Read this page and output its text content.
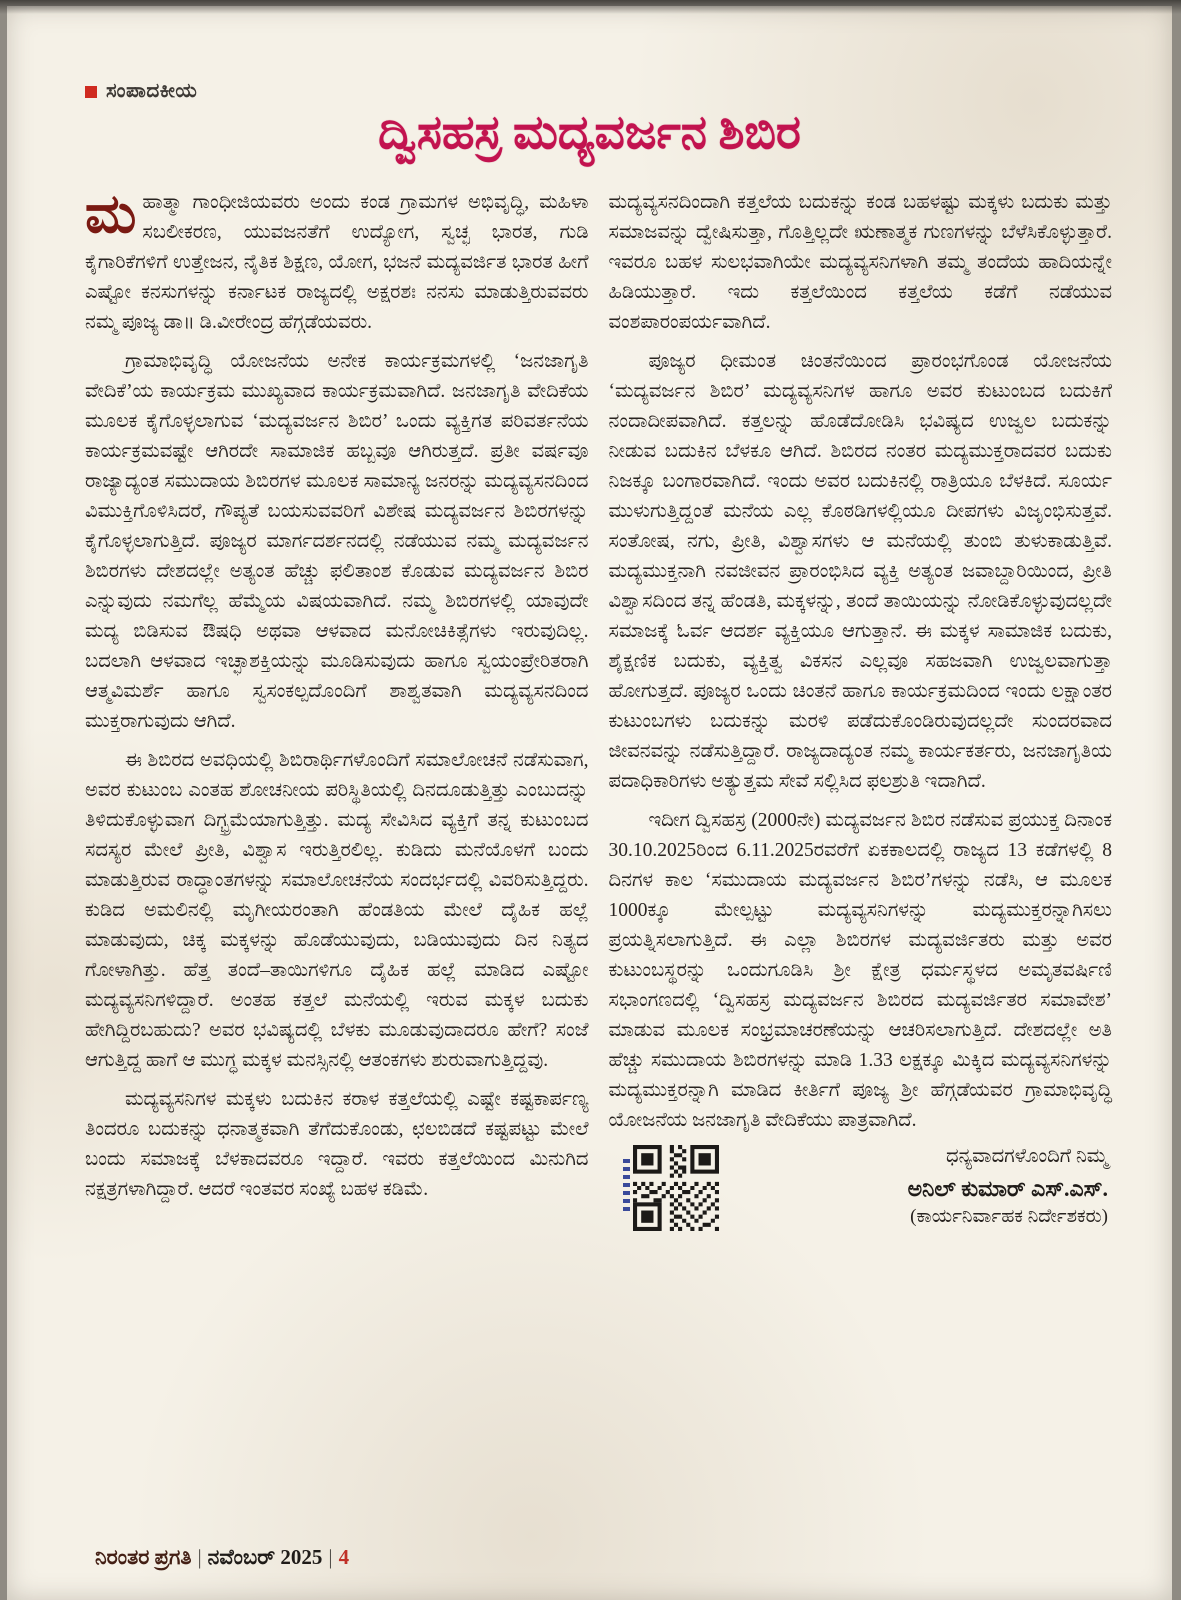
ಸಂಪಾದಕೀಯ
ದ್ವಿಸಹಸ್ರ ಮದ್ಯವರ್ಜನ ಶಿಬಿರ

ಮಹಾತ್ಮಾ ಗಾಂಧೀಜಿಯವರು ಅಂದು ಕಂಡ ಗ್ರಾಮಗಳ ಅಭಿವೃದ್ಧಿ, ಮಹಿಳಾ ಸಬಲೀಕರಣ, ಯುವಜನತೆಗೆ ಉದ್ಯೋಗ, ಸ್ವಚ್ಛ ಭಾರತ, ಗುಡಿ ಕೈಗಾರಿಕೆಗಳಿಗೆ ಉತ್ತೇಜನ, ನೈತಿಕ ಶಿಕ್ಷಣ, ಯೋಗ, ಭಜನೆ ಮದ್ಯವರ್ಜಿತ ಭಾರತ ಹೀಗೆ ಎಷ್ಟೋ ಕನಸುಗಳನ್ನು ಕರ್ನಾಟಕ ರಾಜ್ಯದಲ್ಲಿ ಅಕ್ಷರಶಃ ನನಸು ಮಾಡುತ್ತಿರುವವರು ನಮ್ಮ ಪೂಜ್ಯ ಡಾ॥ ಡಿ.ವೀರೇಂದ್ರ ಹೆಗ್ಗಡೆಯವರು.

ಗ್ರಾಮಾಭಿವೃದ್ಧಿ ಯೋಜನೆಯ ಅನೇಕ ಕಾರ್ಯಕ್ರಮಗಳಲ್ಲಿ ‘ಜನಜಾಗೃತಿ ವೇದಿಕೆ’ಯ ಕಾರ್ಯಕ್ರಮ ಮುಖ್ಯವಾದ ಕಾರ್ಯಕ್ರಮವಾಗಿದೆ. ಜನಜಾಗೃತಿ ವೇದಿಕೆಯ ಮೂಲಕ ಕೈಗೊಳ್ಳಲಾಗುವ ‘ಮದ್ಯವರ್ಜನ ಶಿಬಿರ’ ಒಂದು ವ್ಯಕ್ತಿಗತ ಪರಿವರ್ತನೆಯ ಕಾರ್ಯಕ್ರಮವಷ್ಟೇ ಆಗಿರದೇ ಸಾಮಾಜಿಕ ಹಬ್ಬವೂ ಆಗಿರುತ್ತದೆ. ಪ್ರತೀ ವರ್ಷವೂ ರಾಜ್ಯಾದ್ಯಂತ ಸಮುದಾಯ ಶಿಬಿರಗಳ ಮೂಲಕ ಸಾಮಾನ್ಯ ಜನರನ್ನು ಮದ್ಯವ್ಯಸನದಿಂದ ವಿಮುಕ್ತಿಗೊಳಿಸಿದರೆ, ಗೌಪ್ಯತೆ ಬಯಸುವವರಿಗೆ ವಿಶೇಷ ಮದ್ಯವರ್ಜನ ಶಿಬಿರಗಳನ್ನು ಕೈಗೊಳ್ಳಲಾಗುತ್ತಿದೆ. ಪೂಜ್ಯರ ಮಾರ್ಗದರ್ಶನದಲ್ಲಿ ನಡೆಯುವ ನಮ್ಮ ಮದ್ಯವರ್ಜನ ಶಿಬಿರಗಳು ದೇಶದಲ್ಲೇ ಅತ್ಯಂತ ಹೆಚ್ಚು ಫಲಿತಾಂಶ ಕೊಡುವ ಮದ್ಯವರ್ಜನ ಶಿಬಿರ ಎನ್ನುವುದು ನಮಗೆಲ್ಲ ಹೆಮ್ಮೆಯ ವಿಷಯವಾಗಿದೆ. ನಮ್ಮ ಶಿಬಿರಗಳಲ್ಲಿ ಯಾವುದೇ ಮದ್ಯ ಬಿಡಿಸುವ ಔಷಧಿ ಅಥವಾ ಆಳವಾದ ಮನೋಚಿಕಿತ್ಸೆಗಳು ಇರುವುದಿಲ್ಲ. ಬದಲಾಗಿ ಆಳವಾದ ಇಚ್ಛಾಶಕ್ತಿಯನ್ನು ಮೂಡಿಸುವುದು ಹಾಗೂ ಸ್ವಯಂಪ್ರೇರಿತರಾಗಿ ಆತ್ಮವಿಮರ್ಶೆ ಹಾಗೂ ಸ್ವಸಂಕಲ್ಪದೊಂದಿಗೆ ಶಾಶ್ವತವಾಗಿ ಮದ್ಯವ್ಯಸನದಿಂದ ಮುಕ್ತರಾಗುವುದು ಆಗಿದೆ.

ಈ ಶಿಬಿರದ ಅವಧಿಯಲ್ಲಿ ಶಿಬಿರಾರ್ಥಿಗಳೊಂದಿಗೆ ಸಮಾಲೋಚನೆ ನಡೆಸುವಾಗ, ಅವರ ಕುಟುಂಬ ಎಂತಹ ಶೋಚನೀಯ ಪರಿಸ್ಥಿತಿಯಲ್ಲಿ ದಿನದೂಡುತ್ತಿತ್ತು ಎಂಬುದನ್ನು ತಿಳಿದುಕೊಳ್ಳುವಾಗ ದಿಗ್ಭ್ರಮೆಯಾಗುತ್ತಿತ್ತು. ಮದ್ಯ ಸೇವಿಸಿದ ವ್ಯಕ್ತಿಗೆ ತನ್ನ ಕುಟುಂಬದ ಸದಸ್ಯರ ಮೇಲೆ ಪ್ರೀತಿ, ವಿಶ್ವಾಸ ಇರುತ್ತಿರಲಿಲ್ಲ. ಕುಡಿದು ಮನೆಯೊಳಗೆ ಬಂದು ಮಾಡುತ್ತಿರುವ ರಾದ್ಧಾಂತಗಳನ್ನು ಸಮಾಲೋಚನೆಯ ಸಂದರ್ಭದಲ್ಲಿ ವಿವರಿಸುತ್ತಿದ್ದರು. ಕುಡಿದ ಅಮಲಿನಲ್ಲಿ ಮೃಗೀಯರಂತಾಗಿ ಹೆಂಡತಿಯ ಮೇಲೆ ದೈಹಿಕ ಹಲ್ಲೆ ಮಾಡುವುದು, ಚಿಕ್ಕ ಮಕ್ಕಳನ್ನು ಹೊಡೆಯುವುದು, ಬಡಿಯುವುದು ದಿನ ನಿತ್ಯದ ಗೋಳಾಗಿತ್ತು. ಹೆತ್ತ ತಂದೆ–ತಾಯಿಗಳಿಗೂ ದೈಹಿಕ ಹಲ್ಲೆ ಮಾಡಿದ ಎಷ್ಟೋ ಮದ್ಯವ್ಯಸನಿಗಳಿದ್ದಾರೆ. ಅಂತಹ ಕತ್ತಲೆ ಮನೆಯಲ್ಲಿ ಇರುವ ಮಕ್ಕಳ ಬದುಕು ಹೇಗಿದ್ದಿರಬಹುದು? ಅವರ ಭವಿಷ್ಯದಲ್ಲಿ ಬೆಳಕು ಮೂಡುವುದಾದರೂ ಹೇಗೆ? ಸಂಜೆ ಆಗುತ್ತಿದ್ದ ಹಾಗೆ ಆ ಮುಗ್ಧ ಮಕ್ಕಳ ಮನಸ್ಸಿನಲ್ಲಿ ಆತಂಕಗಳು ಶುರುವಾಗುತ್ತಿದ್ದವು.

ಮದ್ಯವ್ಯಸನಿಗಳ ಮಕ್ಕಳು ಬದುಕಿನ ಕರಾಳ ಕತ್ತಲೆಯಲ್ಲಿ ಎಷ್ಟೇ ಕಷ್ಟಕಾರ್ಪಣ್ಯ ತಿಂದರೂ ಬದುಕನ್ನು ಧನಾತ್ಮಕವಾಗಿ ತೆಗೆದುಕೊಂಡು, ಛಲಬಿಡದೆ ಕಷ್ಟಪಟ್ಟು ಮೇಲೆ ಬಂದು ಸಮಾಜಕ್ಕೆ ಬೆಳಕಾದವರೂ ಇದ್ದಾರೆ. ಇವರು ಕತ್ತಲೆಯಿಂದ ಮಿನುಗಿದ ನಕ್ಷತ್ರಗಳಾಗಿದ್ದಾರೆ. ಆದರೆ ಇಂತವರ ಸಂಖ್ಯೆ ಬಹಳ ಕಡಿಮೆ.

ಮದ್ಯವ್ಯಸನದಿಂದಾಗಿ ಕತ್ತಲೆಯ ಬದುಕನ್ನು ಕಂಡ ಬಹಳಷ್ಟು ಮಕ್ಕಳು ಬದುಕು ಮತ್ತು ಸಮಾಜವನ್ನು ದ್ವೇಷಿಸುತ್ತಾ, ಗೊತ್ತಿಲ್ಲದೇ ಋಣಾತ್ಮಕ ಗುಣಗಳನ್ನು ಬೆಳೆಸಿಕೊಳ್ಳುತ್ತಾರೆ. ಇವರೂ ಬಹಳ ಸುಲಭವಾಗಿಯೇ ಮದ್ಯವ್ಯಸನಿಗಳಾಗಿ ತಮ್ಮ ತಂದೆಯ ಹಾದಿಯನ್ನೇ ಹಿಡಿಯುತ್ತಾರೆ. ಇದು ಕತ್ತಲೆಯಿಂದ ಕತ್ತಲೆಯ ಕಡೆಗೆ ನಡೆಯುವ ವಂಶಪಾರಂಪರ್ಯವಾಗಿದೆ.

ಪೂಜ್ಯರ ಧೀಮಂತ ಚಿಂತನೆಯಿಂದ ಪ್ರಾರಂಭಗೊಂಡ ಯೋಜನೆಯ ‘ಮದ್ಯವರ್ಜನ ಶಿಬಿರ’ ಮದ್ಯವ್ಯಸನಿಗಳ ಹಾಗೂ ಅವರ ಕುಟುಂಬದ ಬದುಕಿಗೆ ನಂದಾದೀಪವಾಗಿದೆ. ಕತ್ತಲನ್ನು ಹೊಡೆದೋಡಿಸಿ ಭವಿಷ್ಯದ ಉಜ್ವಲ ಬದುಕನ್ನು ನೀಡುವ ಬದುಕಿನ ಬೆಳಕೂ ಆಗಿದೆ. ಶಿಬಿರದ ನಂತರ ಮದ್ಯಮುಕ್ತರಾದವರ ಬದುಕು ನಿಜಕ್ಕೂ ಬಂಗಾರವಾಗಿದೆ. ಇಂದು ಅವರ ಬದುಕಿನಲ್ಲಿ ರಾತ್ರಿಯೂ ಬೆಳಕಿದೆ. ಸೂರ್ಯ ಮುಳುಗುತ್ತಿದ್ದಂತೆ ಮನೆಯ ಎಲ್ಲ ಕೊಠಡಿಗಳಲ್ಲಿಯೂ ದೀಪಗಳು ವಿಜೃಂಭಿಸುತ್ತವೆ. ಸಂತೋಷ, ನಗು, ಪ್ರೀತಿ, ವಿಶ್ವಾಸಗಳು ಆ ಮನೆಯಲ್ಲಿ ತುಂಬಿ ತುಳುಕಾಡುತ್ತಿವೆ. ಮದ್ಯಮುಕ್ತನಾಗಿ ನವಜೀವನ ಪ್ರಾರಂಭಿಸಿದ ವ್ಯಕ್ತಿ ಅತ್ಯಂತ ಜವಾಬ್ದಾರಿಯಿಂದ, ಪ್ರೀತಿ ವಿಶ್ವಾಸದಿಂದ ತನ್ನ ಹೆಂಡತಿ, ಮಕ್ಕಳನ್ನು, ತಂದೆ ತಾಯಿಯನ್ನು ನೋಡಿಕೊಳ್ಳುವುದಲ್ಲದೇ ಸಮಾಜಕ್ಕೆ ಓರ್ವ ಆದರ್ಶ ವ್ಯಕ್ತಿಯೂ ಆಗುತ್ತಾನೆ. ಈ ಮಕ್ಕಳ ಸಾಮಾಜಿಕ ಬದುಕು, ಶೈಕ್ಷಣಿಕ ಬದುಕು, ವ್ಯಕ್ತಿತ್ವ ವಿಕಸನ ಎಲ್ಲವೂ ಸಹಜವಾಗಿ ಉಜ್ವಲವಾಗುತ್ತಾ ಹೋಗುತ್ತದೆ. ಪೂಜ್ಯರ ಒಂದು ಚಿಂತನೆ ಹಾಗೂ ಕಾರ್ಯಕ್ರಮದಿಂದ ಇಂದು ಲಕ್ಷಾಂತರ ಕುಟುಂಬಗಳು ಬದುಕನ್ನು ಮರಳಿ ಪಡೆದುಕೊಂಡಿರುವುದಲ್ಲದೇ ಸುಂದರವಾದ ಜೀವನವನ್ನು ನಡೆಸುತ್ತಿದ್ದಾರೆ. ರಾಜ್ಯದಾದ್ಯಂತ ನಮ್ಮ ಕಾರ್ಯಕರ್ತರು, ಜನಜಾಗೃತಿಯ ಪದಾಧಿಕಾರಿಗಳು ಅತ್ಯುತ್ತಮ ಸೇವೆ ಸಲ್ಲಿಸಿದ ಫಲಶ್ರುತಿ ಇದಾಗಿದೆ.

ಇದೀಗ ದ್ವಿಸಹಸ್ರ (2000ನೇ) ಮದ್ಯವರ್ಜನ ಶಿಬಿರ ನಡೆಸುವ ಪ್ರಯುಕ್ತ ದಿನಾಂಕ 30.10.2025ರಿಂದ 6.11.2025ರವರೆಗೆ ಏಕಕಾಲದಲ್ಲಿ ರಾಜ್ಯದ 13 ಕಡೆಗಳಲ್ಲಿ 8 ದಿನಗಳ ಕಾಲ ‘ಸಮುದಾಯ ಮದ್ಯವರ್ಜನ ಶಿಬಿರ’ಗಳನ್ನು ನಡೆಸಿ, ಆ ಮೂಲಕ 1000ಕ್ಕೂ ಮೇಲ್ಪಟ್ಟು ಮದ್ಯವ್ಯಸನಿಗಳನ್ನು ಮದ್ಯಮುಕ್ತರನ್ನಾಗಿಸಲು ಪ್ರಯತ್ನಿಸಲಾಗುತ್ತಿದೆ. ಈ ಎಲ್ಲಾ ಶಿಬಿರಗಳ ಮದ್ಯವರ್ಜಿತರು ಮತ್ತು ಅವರ ಕುಟುಂಬಸ್ಥರನ್ನು ಒಂದುಗೂಡಿಸಿ ಶ್ರೀ ಕ್ಷೇತ್ರ ಧರ್ಮಸ್ಥಳದ ಅಮೃತವರ್ಷಿಣಿ ಸಭಾಂಗಣದಲ್ಲಿ ‘ದ್ವಿಸಹಸ್ರ ಮದ್ಯವರ್ಜನ ಶಿಬಿರದ ಮದ್ಯವರ್ಜಿತರ ಸಮಾವೇಶ’ ಮಾಡುವ ಮೂಲಕ ಸಂಭ್ರಮಾಚರಣೆಯನ್ನು ಆಚರಿಸಲಾಗುತ್ತಿದೆ. ದೇಶದಲ್ಲೇ ಅತಿ ಹೆಚ್ಚು ಸಮುದಾಯ ಶಿಬಿರಗಳನ್ನು ಮಾಡಿ 1.33 ಲಕ್ಷಕ್ಕೂ ಮಿಕ್ಕಿದ ಮದ್ಯವ್ಯಸನಿಗಳನ್ನು ಮದ್ಯಮುಕ್ತರನ್ನಾಗಿ ಮಾಡಿದ ಕೀರ್ತಿಗೆ ಪೂಜ್ಯ ಶ್ರೀ ಹೆಗ್ಗಡೆಯವರ ಗ್ರಾಮಾಭಿವೃದ್ಧಿ ಯೋಜನೆಯ ಜನಜಾಗೃತಿ ವೇದಿಕೆಯು ಪಾತ್ರವಾಗಿದೆ.

ಧನ್ಯವಾದಗಳೊಂದಿಗೆ ನಿಮ್ಮ
ಅನಿಲ್ ಕುಮಾರ್ ಎಸ್.ಎಸ್.
(ಕಾರ್ಯನಿರ್ವಾಹಕ ನಿರ್ದೇಶಕರು)
ನಿರಂತರ ಪ್ರಗತಿ | ನವೆಂಬರ್ 2025 | 4
